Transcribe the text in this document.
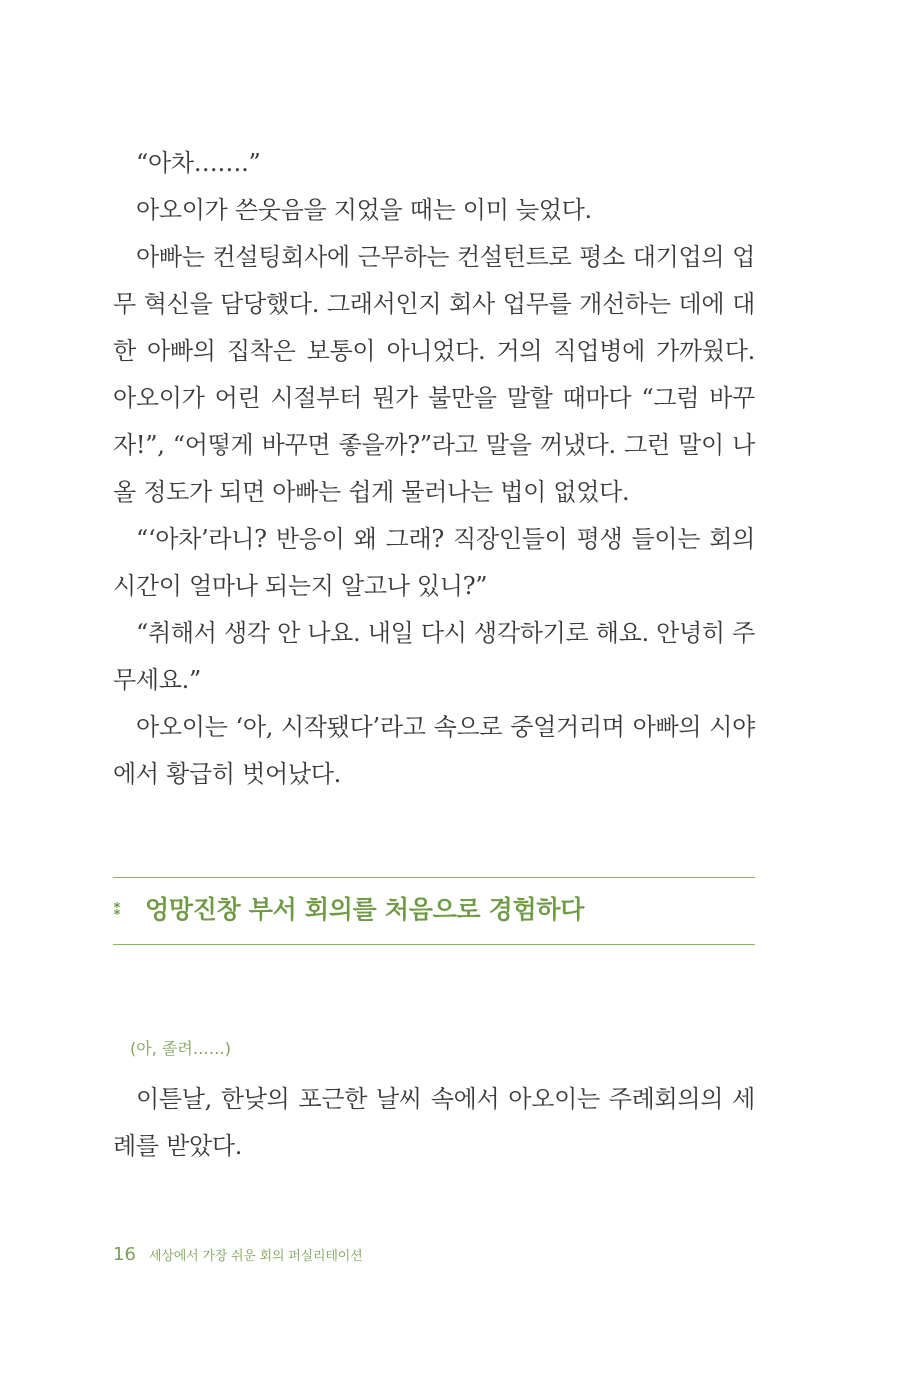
“아차…….”

아오이가 쓴웃음을 지었을 때는 이미 늦었다.

아빠는 컨설팅회사에 근무하는 컨설턴트로 평소 대기업의 업무 혁신을 담당했다. 그래서인지 회사 업무를 개선하는 데에 대한 아빠의 집착은 보통이 아니었다. 거의 직업병에 가까웠다. 아오이가 어린 시절부터 뭔가 불만을 말할 때마다 “그럼 바꾸자!”, “어떻게 바꾸면 좋을까?”라고 말을 꺼냈다. 그런 말이 나올 정도가 되면 아빠는 쉽게 물러나는 법이 없었다.

“‘아차’라니? 반응이 왜 그래? 직장인들이 평생 들이는 회의 시간이 얼마나 되는지 알고나 있니?”

“취해서 생각 안 나요. 내일 다시 생각하기로 해요. 안녕히 주무세요.”

아오이는 ‘아, 시작됐다’라고 속으로 중얼거리며 아빠의 시야에서 황급히 벗어났다.

⁑ 엉망진창 부서 회의를 처음으로 경험하다
(아, 졸려……)

이튿날, 한낮의 포근한 날씨 속에서 아오이는 주례회의의 세례를 받았다.

16 세상에서 가장 쉬운 회의 퍼실리테이션
